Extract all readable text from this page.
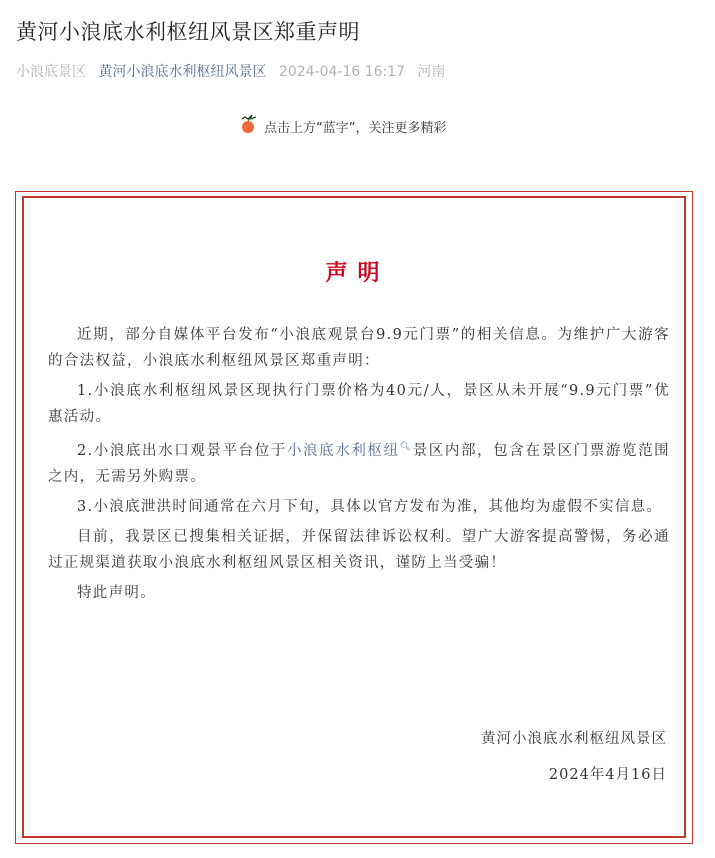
黄河小浪底水利枢纽风景区郑重声明
小浪底景区 黄河小浪底水利枢纽风景区 2024-04-16 16:17 河南
点击上方“蓝字”，关注更多精彩
声明

近期，部分自媒体平台发布“小浪底观景台9.9元门票”的相关信息。为维护广大游客的合法权益，小浪底水利枢纽风景区郑重声明：

1.小浪底水利枢纽风景区现执行门票价格为40元/人，景区从未开展“9.9元门票”优惠活动。

2.小浪底出水口观景平台位于小浪底水利枢纽🔍︎景区内部，包含在景区门票游览范围之内，无需另外购票。

3.小浪底泄洪时间通常在六月下旬，具体以官方发布为准，其他均为虚假不实信息。

目前，我景区已搜集相关证据，并保留法律诉讼权利。望广大游客提高警惕，务必通过正规渠道获取小浪底水利枢纽风景区相关资讯，谨防上当受骗！

特此声明。

黄河小浪底水利枢纽风景区
2024年4月16日
